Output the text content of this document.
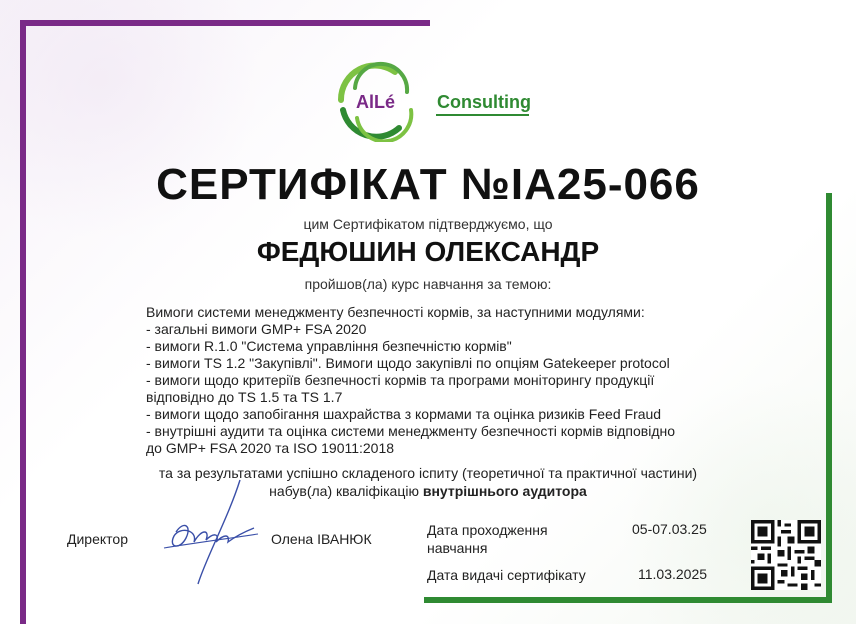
AlLé Consulting
СЕРТИФІКАТ №IA25-066
цим Сертифікатом підтверджуємо, що
ФЕДЮШИН ОЛЕКСАНДР
пройшов(ла) курс навчання за темою:
Вимоги системи менеджменту безпечності кормів, за наступними модулями:
- загальні вимоги GMP+ FSA 2020
- вимоги R.1.0 "Система управління безпечністю кормів"
- вимоги TS 1.2 "Закупівлі". Вимоги щодо закупівлі по опціям Gatekeeper protocol
- вимоги щодо критеріїв безпечності кормів та програми моніторингу продукції
відповідно до TS 1.5 та TS 1.7
- вимоги щодо запобігання шахрайства з кормами та оцінка ризиків Feed Fraud
- внутрішні аудити та оцінка системи менеджменту безпечності кормів відповідно
до GMP+ FSA 2020 та ISO 19011:2018
та за результатами успішно складеного іспиту (теоретичної та практичної частини)
набув(ла) кваліфікацію внутрішнього аудитора
Директор	Олена ІВАНЮК
Дата проходження
навчання
05-07.03.25
Дата видачі сертифікату	11.03.2025
